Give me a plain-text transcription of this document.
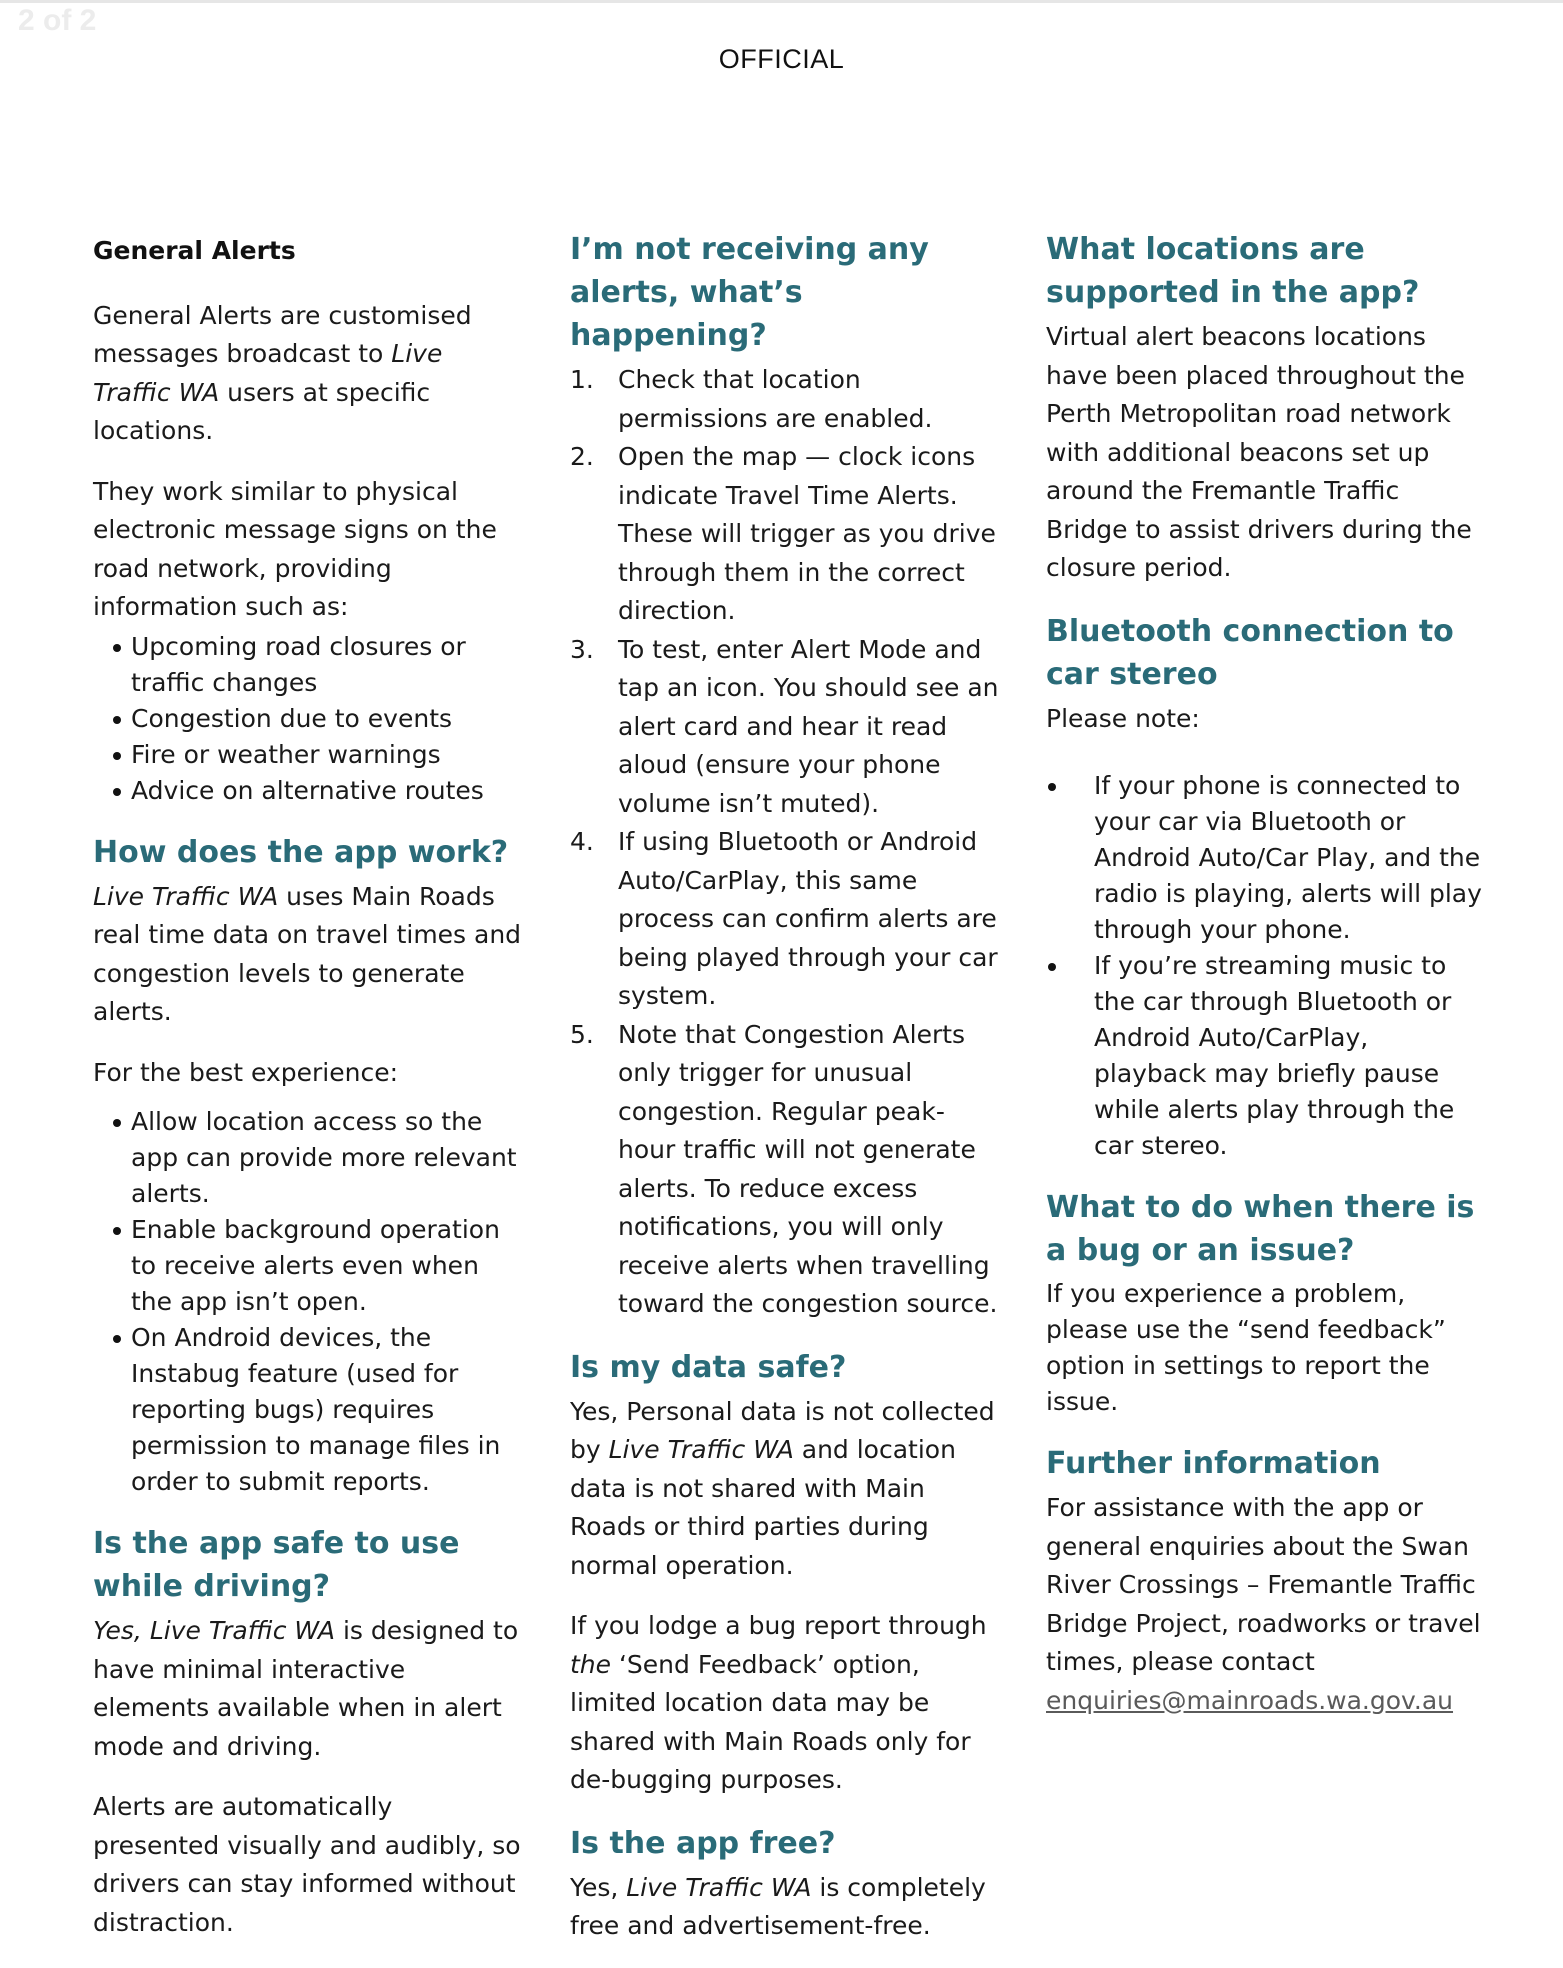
2 of 2
OFFICIAL
General Alerts

General Alerts are customised messages broadcast to Live Traffic WA users at specific locations.

They work similar to physical electronic message signs on the road network, providing information such as:

Upcoming road closures or traffic changes
Congestion due to events
Fire or weather warnings
Advice on alternative routes
How does the app work?

Live Traffic WA uses Main Roads real time data on travel times and congestion levels to generate alerts.

For the best experience:

Allow location access so the app can provide more relevant alerts.
Enable background operation to receive alerts even when the app isn’t open.
On Android devices, the Instabug feature (used for reporting bugs) requires permission to manage files in order to submit reports.
Is the app safe to use while driving?

Yes, Live Traffic WA is designed to have minimal interactive elements available when in alert mode and driving.

Alerts are automatically presented visually and audibly, so drivers can stay informed without distraction.

I’m not receiving any alerts, what’s happening?
1. Check that location permissions are enabled.
2. Open the map — clock icons indicate Travel Time Alerts. These will trigger as you drive through them in the correct direction.
3. To test, enter Alert Mode and tap an icon. You should see an alert card and hear it read aloud (ensure your phone volume isn’t muted).
4. If using Bluetooth or Android Auto/CarPlay, this same process can confirm alerts are being played through your car system.
5. Note that Congestion Alerts only trigger for unusual congestion. Regular peak-hour traffic will not generate alerts. To reduce excess notifications, you will only receive alerts when travelling toward the congestion source.
Is my data safe?

Yes, Personal data is not collected by Live Traffic WA and location data is not shared with Main Roads or third parties during normal operation.

If you lodge a bug report through the ‘Send Feedback’ option, limited location data may be shared with Main Roads only for de-bugging purposes.

Is the app free?

Yes, Live Traffic WA is completely free and advertisement-free.

What locations are supported in the app?

Virtual alert beacons locations have been placed throughout the Perth Metropolitan road network with additional beacons set up around the Fremantle Traffic Bridge to assist drivers during the closure period.

Bluetooth connection to car stereo

Please note:

If your phone is connected to your car via Bluetooth or Android Auto/Car Play, and the radio is playing, alerts will play through your phone.
If you’re streaming music to the car through Bluetooth or Android Auto/CarPlay, playback may briefly pause while alerts play through the car stereo.
What to do when there is a bug or an issue?

If you experience a problem, please use the “send feedback” option in settings to report the issue.

Further information

For assistance with the app or general enquiries about the Swan River Crossings – Fremantle Traffic Bridge Project, roadworks or travel times, please contact
enquiries@mainroads.wa.gov.au
